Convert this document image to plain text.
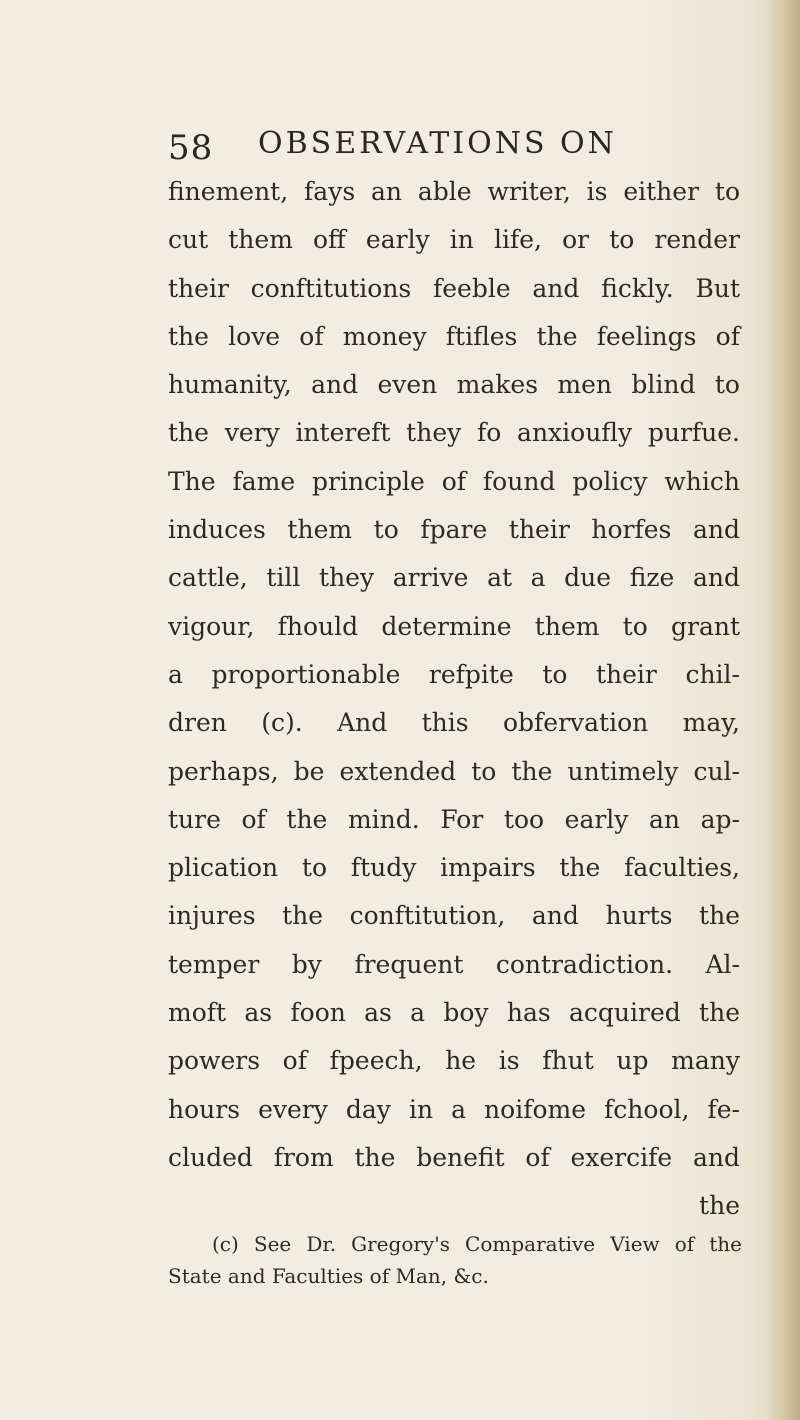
58 OBSERVATIONS ON
finement, fays an able writer, is either to
cut them off early in life, or to render
their conftitutions feeble and fickly. But
the love of money ftifles the feelings of
humanity, and even makes men blind to
the very intereft they fo anxioufly purfue.
The fame principle of found policy which
induces them to fpare their horfes and
cattle, till they arrive at a due fize and
vigour, fhould determine them to grant
a proportionable refpite to their chil-
dren (c). And this obfervation may,
perhaps, be extended to the untimely cul-
ture of the mind. For too early an ap-
plication to ftudy impairs the faculties,
injures the conftitution, and hurts the
temper by frequent contradiction. Al-
moft as foon as a boy has acquired the
powers of fpeech, he is fhut up many
hours every day in a noifome fchool, fe-
cluded from the benefit of exercife and
the
(c) See Dr. Gregory's Comparative View of the
State and Faculties of Man, &c.
